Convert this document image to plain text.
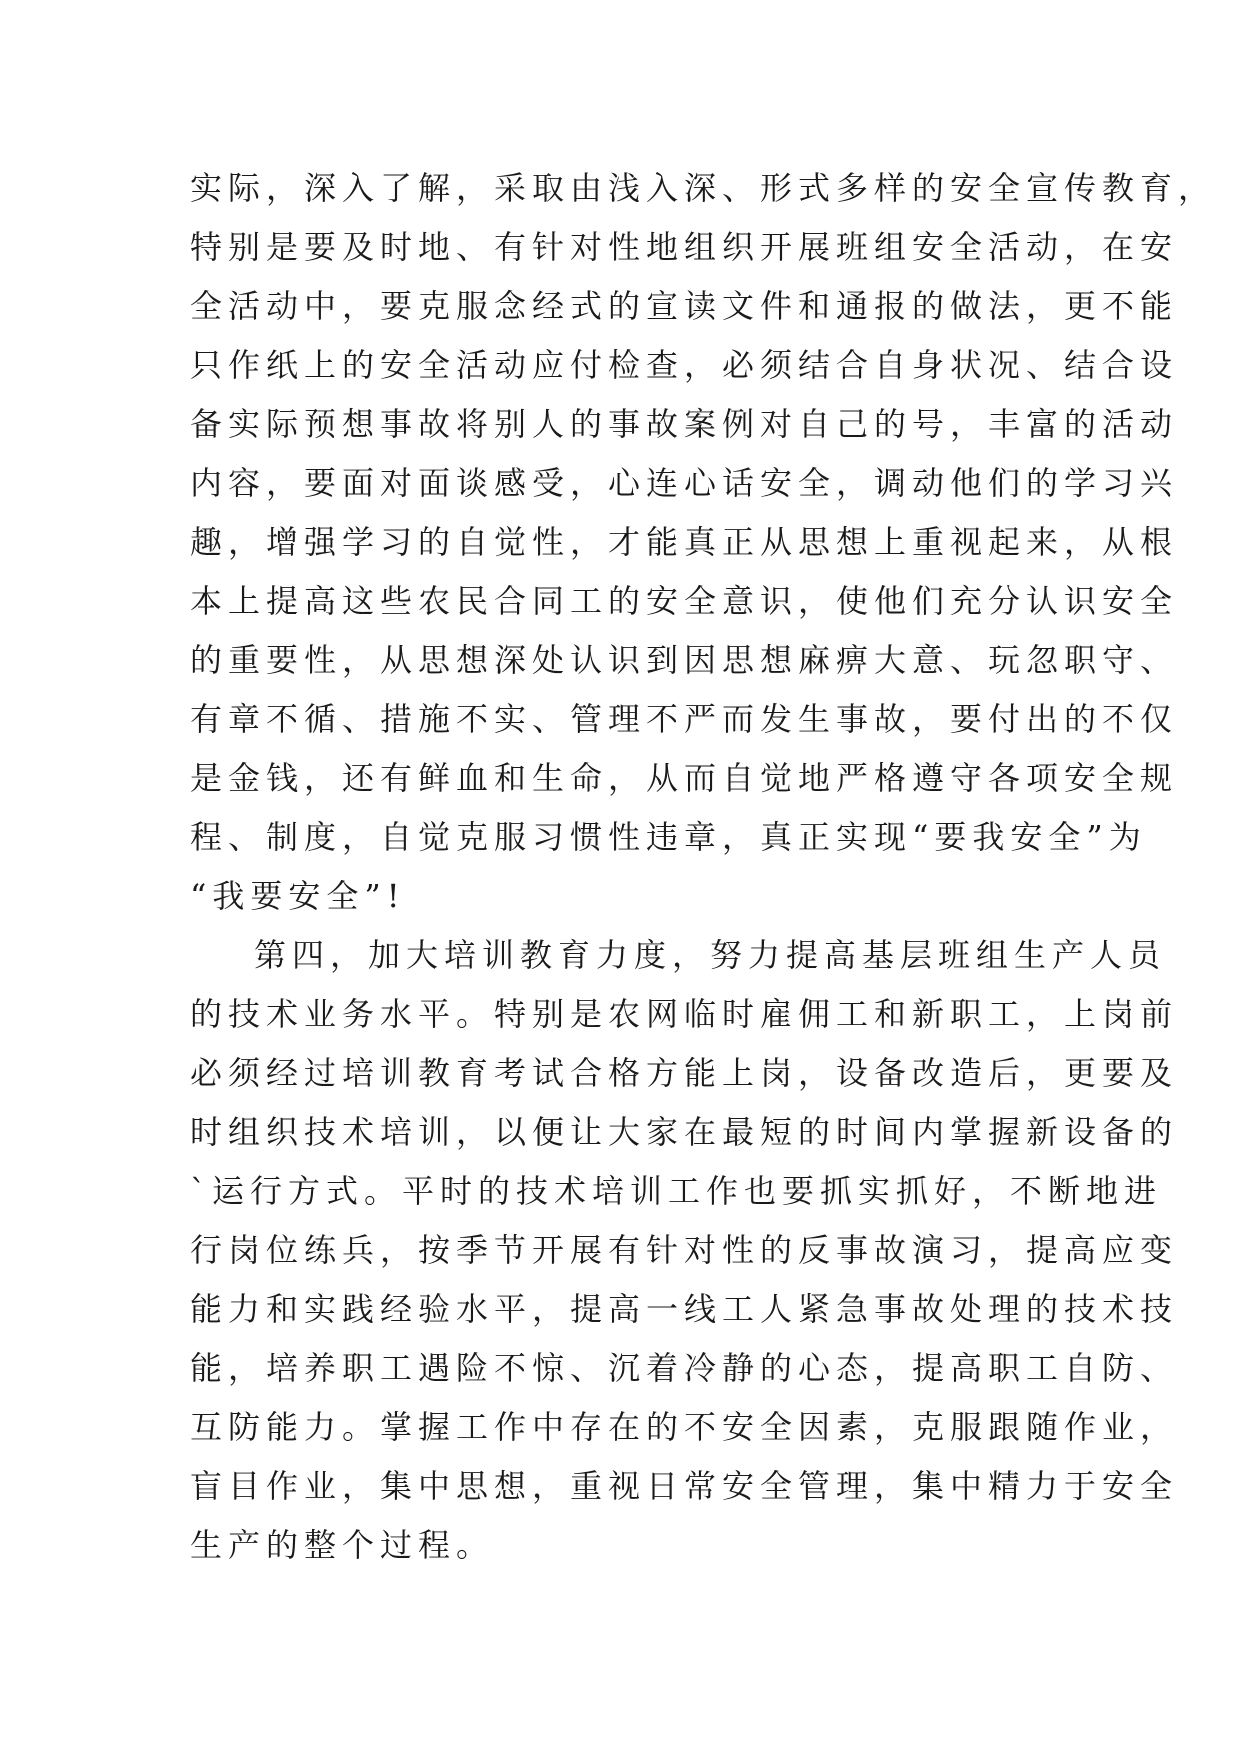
实际，深入了解，采取由浅入深、形式多样的安全宣传教育，
特别是要及时地、有针对性地组织开展班组安全活动，在安
全活动中，要克服念经式的宣读文件和通报的做法，更不能
只作纸上的安全活动应付检查，必须结合自身状况、结合设
备实际预想事故将别人的事故案例对自己的号，丰富的活动
内容，要面对面谈感受，心连心话安全，调动他们的学习兴
趣，增强学习的自觉性，才能真正从思想上重视起来，从根
本上提高这些农民合同工的安全意识，使他们充分认识安全
的重要性，从思想深处认识到因思想麻痹大意、玩忽职守、
有章不循、措施不实、管理不严而发生事故，要付出的不仅
是金钱，还有鲜血和生命，从而自觉地严格遵守各项安全规
程、制度，自觉克服习惯性违章，真正实现“要我安全”为
“我要安全”!
第四，加大培训教育力度，努力提高基层班组生产人员
的技术业务水平。特别是农网临时雇佣工和新职工，上岗前
必须经过培训教育考试合格方能上岗，设备改造后，更要及
时组织技术培训，以便让大家在最短的时间内掌握新设备的
`运行方式。平时的技术培训工作也要抓实抓好，不断地进
行岗位练兵，按季节开展有针对性的反事故演习，提高应变
能力和实践经验水平，提高一线工人紧急事故处理的技术技
能，培养职工遇险不惊、沉着冷静的心态，提高职工自防、
互防能力。掌握工作中存在的不安全因素，克服跟随作业，
盲目作业，集中思想，重视日常安全管理，集中精力于安全
生产的整个过程。
